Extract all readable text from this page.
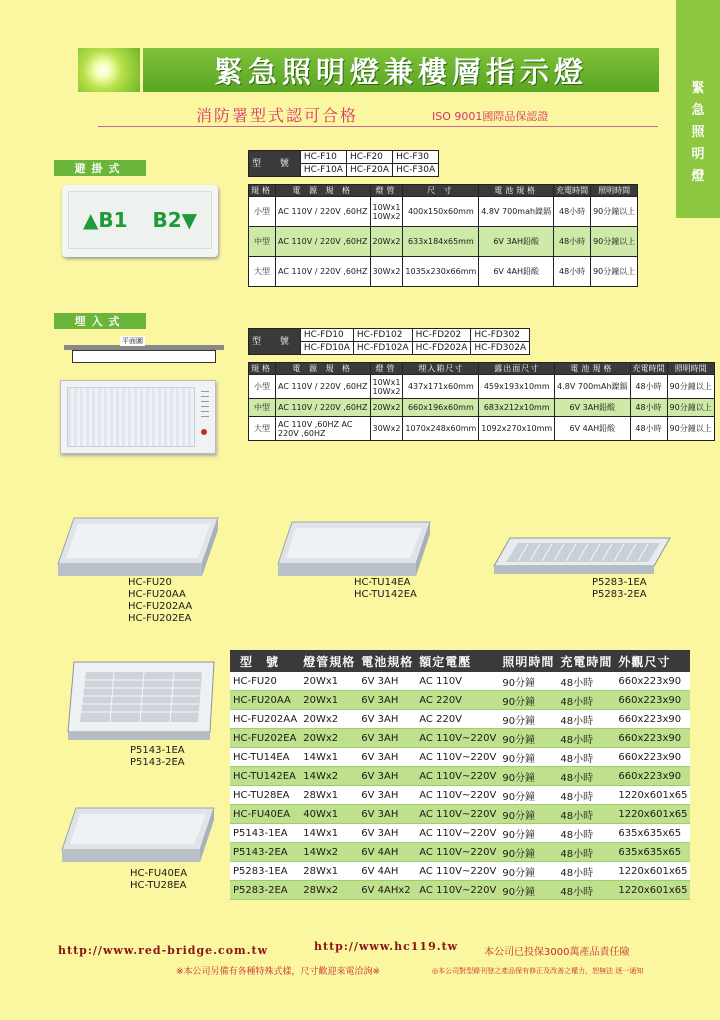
緊
急
照
明
燈
緊急照明燈兼樓層指示燈
消防署型式認可合格	ISO 9001國際品保認證
避掛式
▲B1 B2▼
型 號	HC-F10	HC-F20	HC-F30
	HC-F10A	HC-F20A	HC-F30A
規格	電 源 規 格	燈管	尺 寸	電池規格	充電時間	照明時間
小型	AC 110V / 220V ,60HZ	10Wx1 10Wx2	400x150x60mm	4.8V 700mah鎳鎘	48小時	90分鐘以上
中型	AC 110V / 220V ,60HZ	20Wx2	633x184x65mm	6V 3AH鉛酸	48小時	90分鐘以上
大型	AC 110V / 220V ,60HZ	30Wx2	1035x230x66mm	6V 4AH鉛酸	48小時	90分鐘以上
埋入式
平面圖	型 號	HC-FD10	HC-FD102	HC-FD202	HC-FD302
	HC-FD10A	HC-FD102A	HC-FD202A	HC-FD302A
規格	電 源 規 格	燈管	埋入箱尺寸	露出面尺寸	電池規格	充電時間	照明時間
小型	AC 110V / 220V ,60HZ	10Wx1 10Wx2	437x171x60mm	459x193x10mm	4.8V 700mAh鎳鎘	48小時	90分鐘以上
中型	AC 110V / 220V ,60HZ	20Wx2	660x196x60mm	683x212x10mm	6V 3AH鉛酸	48小時	90分鐘以上
大型	AC 110V ,60HZ AC 220V ,60HZ	30Wx2	1070x248x60mm	1092x270x10mm	6V 4AH鉛酸	48小時	90分鐘以上
HC-FU20
HC-FU20AA
HC-FU202AA
HC-FU202EA
HC-TU14EA
HC-TU142EA
P5283-1EA
P5283-2EA
P5143-1EA
P5143-2EA
HC-FU40EA
HC-TU28EA
型　號	燈管規格	電池規格	額定電壓	照明時間	充電時間	外觀尺寸
HC-FU20	20Wx1	6V 3AH	AC 110V	90分鐘	48小時	660x223x90
HC-FU20AA	20Wx1	6V 3AH	AC 220V	90分鐘	48小時	660x223x90
HC-FU202AA	20Wx2	6V 3AH	AC 220V	90分鐘	48小時	660x223x90
HC-FU202EA	20Wx2	6V 3AH	AC 110V~220V	90分鐘	48小時	660x223x90
HC-TU14EA	14Wx1	6V 3AH	AC 110V~220V	90分鐘	48小時	660x223x90
HC-TU142EA	14Wx2	6V 3AH	AC 110V~220V	90分鐘	48小時	660x223x90
HC-TU28EA	28Wx1	6V 3AH	AC 110V~220V	90分鐘	48小時	1220x601x65
HC-FU40EA	40Wx1	6V 3AH	AC 110V~220V	90分鐘	48小時	1220x601x65
P5143-1EA	14Wx1	6V 3AH	AC 110V~220V	90分鐘	48小時	635x635x65
P5143-2EA	14Wx2	6V 4AH	AC 110V~220V	90分鐘	48小時	635x635x65
P5283-1EA	28Wx1	6V 4AH	AC 110V~220V	90分鐘	48小時	1220x601x65
P5283-2EA	28Wx2	6V 4AHx2	AC 110V~220V	90分鐘	48小時	1220x601x65
http://www.red-bridge.com.tw	http://www.hc119.tw	本公司已投保3000萬產品責任險
※本公司另備有各種特殊式樣，尺寸歡迎來電洽詢※	◎本公司對型錄刊登之產品保有修正及改善之權力，恕無法 逐一通知
